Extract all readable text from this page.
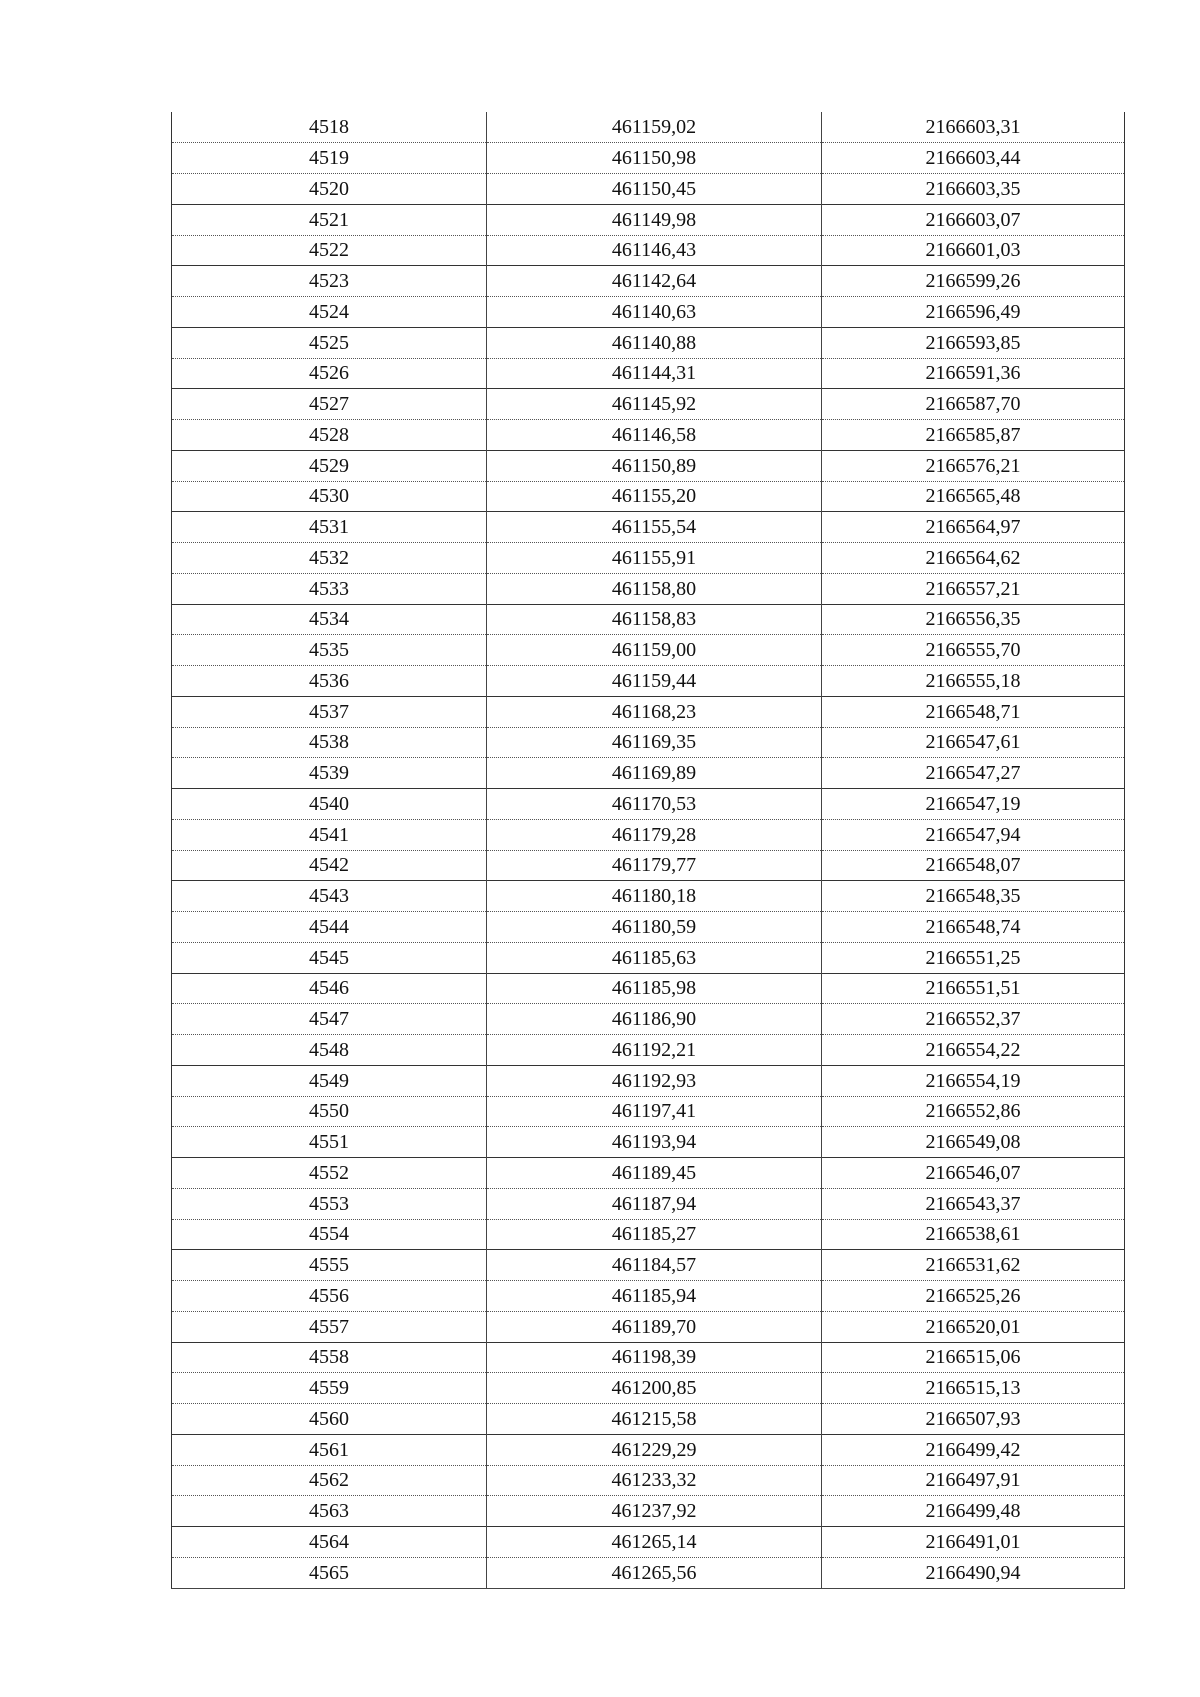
4518	461159,02	2166603,31
4519	461150,98	2166603,44
4520	461150,45	2166603,35
4521	461149,98	2166603,07
4522	461146,43	2166601,03
4523	461142,64	2166599,26
4524	461140,63	2166596,49
4525	461140,88	2166593,85
4526	461144,31	2166591,36
4527	461145,92	2166587,70
4528	461146,58	2166585,87
4529	461150,89	2166576,21
4530	461155,20	2166565,48
4531	461155,54	2166564,97
4532	461155,91	2166564,62
4533	461158,80	2166557,21
4534	461158,83	2166556,35
4535	461159,00	2166555,70
4536	461159,44	2166555,18
4537	461168,23	2166548,71
4538	461169,35	2166547,61
4539	461169,89	2166547,27
4540	461170,53	2166547,19
4541	461179,28	2166547,94
4542	461179,77	2166548,07
4543	461180,18	2166548,35
4544	461180,59	2166548,74
4545	461185,63	2166551,25
4546	461185,98	2166551,51
4547	461186,90	2166552,37
4548	461192,21	2166554,22
4549	461192,93	2166554,19
4550	461197,41	2166552,86
4551	461193,94	2166549,08
4552	461189,45	2166546,07
4553	461187,94	2166543,37
4554	461185,27	2166538,61
4555	461184,57	2166531,62
4556	461185,94	2166525,26
4557	461189,70	2166520,01
4558	461198,39	2166515,06
4559	461200,85	2166515,13
4560	461215,58	2166507,93
4561	461229,29	2166499,42
4562	461233,32	2166497,91
4563	461237,92	2166499,48
4564	461265,14	2166491,01
4565	461265,56	2166490,94
